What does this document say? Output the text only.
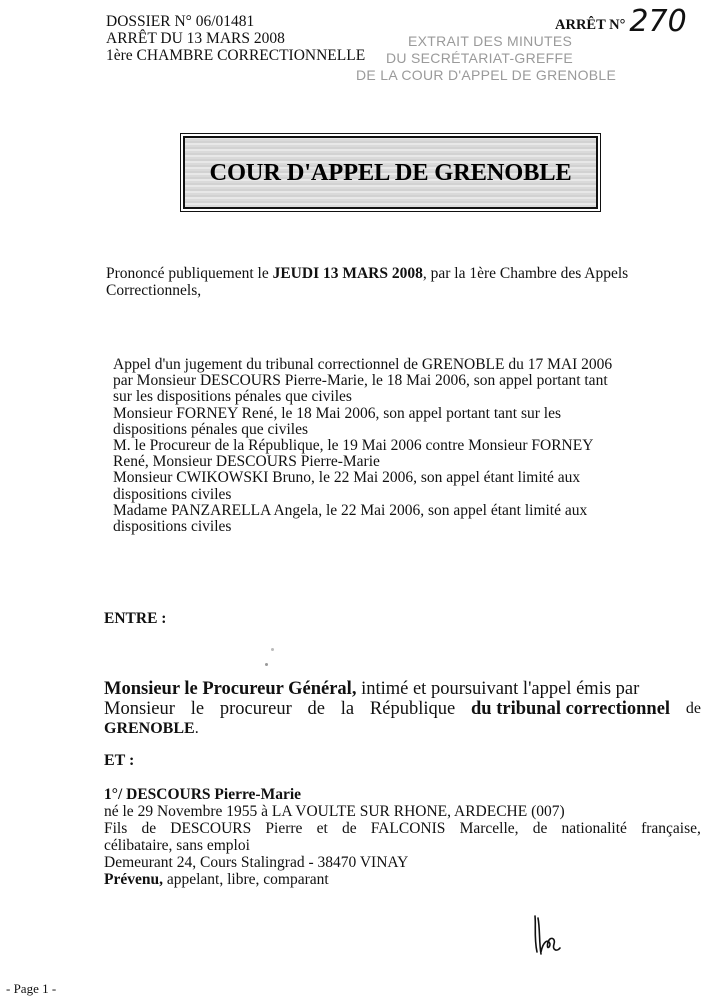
DOSSIER N° 06/01481
ARRÊT DU 13 MARS 2008
1ère CHAMBRE CORRECTIONNELLE
ARRÊT N° 270
EXTRAIT DES MINUTES
DU SECRÉTARIAT-GREFFE
DE LA COUR D'APPEL DE GRENOBLE
COUR D'APPEL DE GRENOBLE
Prononcé publiquement le JEUDI 13 MARS 2008, par la 1ère Chambre des Appels
Correctionnels,
Appel d'un jugement du tribunal correctionnel de GRENOBLE du 17 MAI 2006
par Monsieur DESCOURS Pierre-Marie, le 18 Mai 2006, son appel portant tant
sur les dispositions pénales que civiles
Monsieur FORNEY René, le 18 Mai 2006, son appel portant tant sur les
dispositions pénales que civiles
M. le Procureur de la République, le 19 Mai 2006 contre Monsieur FORNEY
René, Monsieur DESCOURS Pierre-Marie
Monsieur CWIKOWSKI Bruno, le 22 Mai 2006, son appel étant limité aux
dispositions civiles
Madame PANZARELLA Angela, le 22 Mai 2006, son appel étant limité aux
dispositions civiles
ENTRE :
Monsieur le Procureur Général, intimé et poursuivant l'appel émis par
Monsieur le procureur de la République du tribunal correctionnel de
GRENOBLE.
ET :
1°/ DESCOURS Pierre-Marie
né le 29 Novembre 1955 à LA VOULTE SUR RHONE, ARDECHE (007)
Fils de DESCOURS Pierre et de FALCONIS Marcelle, de nationalité française,
célibataire, sans emploi
Demeurant 24, Cours Stalingrad - 38470 VINAY
Prévenu, appelant, libre, comparant
- Page 1 -
